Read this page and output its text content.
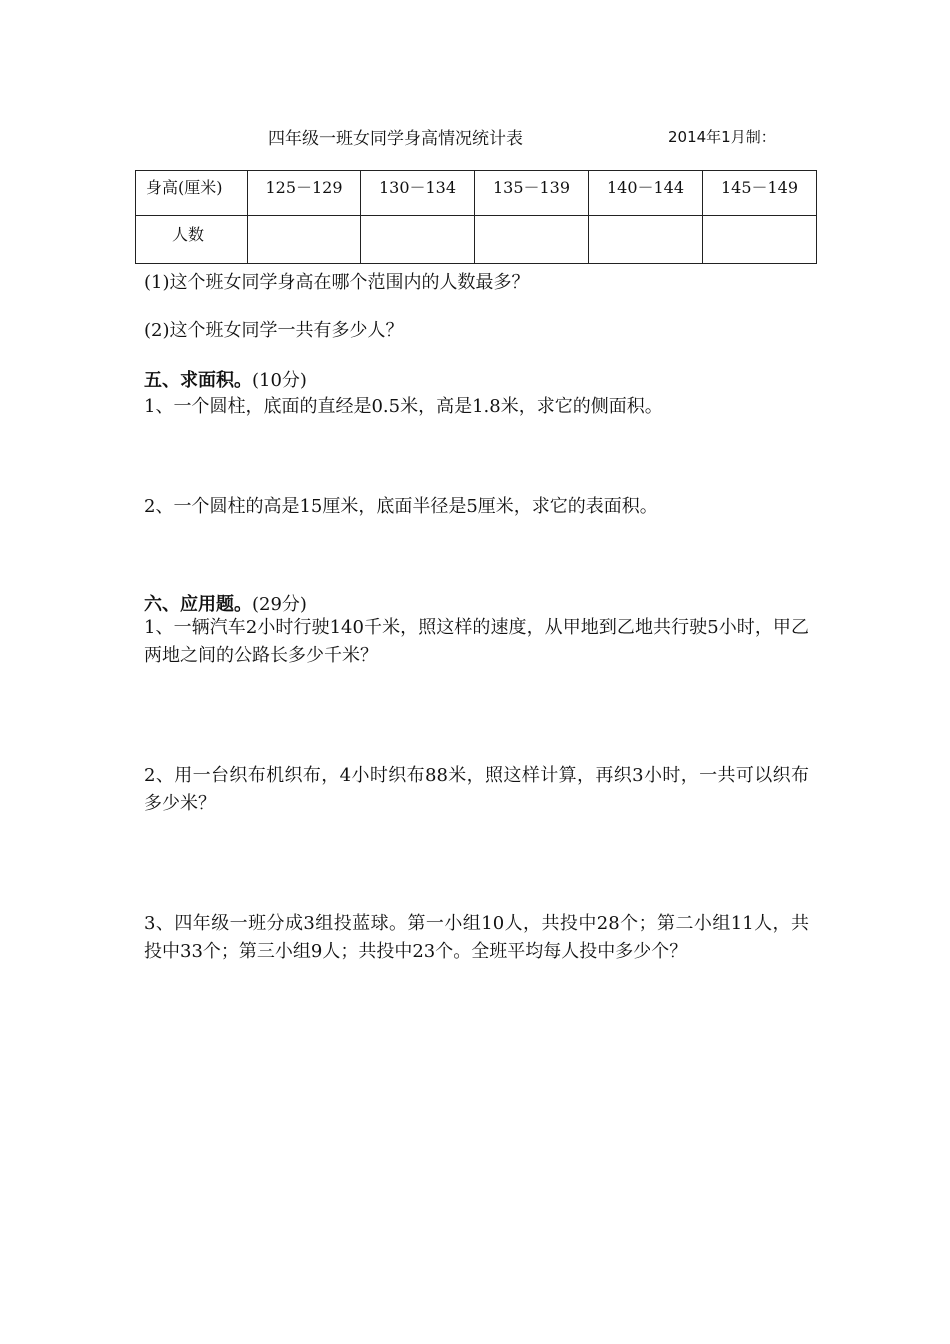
四年级一班女同学身高情况统计表	2014年1月制：
身高(厘米)	125－129	130－134	135－139	140－144	145－149
人数					
(1)这个班女同学身高在哪个范围内的人数最多？
(2)这个班女同学一共有多少人？
五、求面积。(10分)
1、一个圆柱，底面的直经是0.5米，高是1.8米，求它的侧面积。
2、一个圆柱的高是15厘米，底面半径是5厘米，求它的表面积。
六、应用题。(29分)
1、一辆汽车2小时行驶140千米，照这样的速度，从甲地到乙地共行驶5小时，甲乙两地之间的公路长多少千米？
2、用一台织布机织布，4小时织布88米，照这样计算，再织3小时，一共可以织布多少米？
3、四年级一班分成3组投蓝球。第一小组10人，共投中28个；第二小组11人，共投中33个；第三小组9人；共投中23个。全班平均每人投中多少个？
